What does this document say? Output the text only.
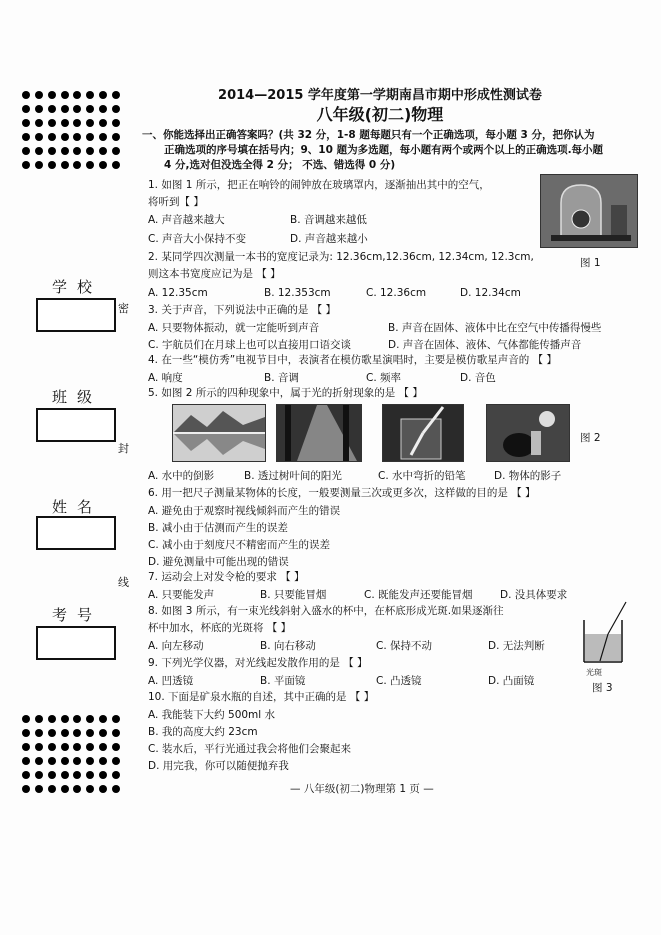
学校
班级
姓名
考号
密
封
线
2014—2015 学年度第一学期南昌市期中形成性测试卷
八年级(初二)物理
一、你能选择出正确答案吗？(共 32 分，1-8 题每题只有一个正确选项，每小题 3 分，把你认为
正确选项的序号填在括号内；9、10 题为多选题，每小题有两个或两个以上的正确选项.每小题
4 分,选对但没选全得 2 分； 不选、错选得 0 分)
1. 如图 1 所示，把正在响铃的闹钟放在玻璃罩内，逐渐抽出其中的空气，
将听到【 】
A. 声音越来越大	B. 音调越来越低
C. 声音大小保持不变	D. 声音越来越小
图 1
2. 某同学四次测量一本书的宽度记录为: 12.36cm,12.36cm, 12.34cm, 12.3cm,
则这本书宽度应记为是 【 】
A. 12.35cm	B. 12.353cm	C. 12.36cm	D. 12.34cm
3. 关于声音，下列说法中正确的是 【 】
A. 只要物体振动，就一定能听到声音	B. 声音在固体、液体中比在空气中传播得慢些
C. 宇航员们在月球上也可以直接用口语交谈	D. 声音在固体、液体、气体都能传播声音
4. 在一些“模仿秀”电视节目中，表演者在模仿歌星演唱时，主要是模仿歌星声音的 【 】
A. 响度	B. 音调	C. 频率	D. 音色
5. 如图 2 所示的四种现象中，属于光的折射现象的是 【 】
图 2
A. 水中的倒影	B. 透过树叶间的阳光	C. 水中弯折的铅笔	D. 物体的影子
6. 用一把尺子测量某物体的长度，一般要测量三次或更多次，这样做的目的是 【 】
A. 避免由于观察时视线倾斜而产生的错误
B. 减小由于估测而产生的误差
C. 减小由于刻度尺不精密而产生的误差
D. 避免测量中可能出现的错误
7. 运动会上对发令枪的要求 【 】
A. 只要能发声	B. 只要能冒烟	C. 既能发声还要能冒烟	D. 没具体要求
8. 如图 3 所示，有一束光线斜射入盛水的杯中，在杯底形成光斑.如果逐渐往
杯中加水，杯底的光斑将 【 】
A. 向左移动	B. 向右移动	C. 保持不动	D. 无法判断
光斑
图 3
9. 下列光学仪器，对光线起发散作用的是 【 】
A. 凹透镜	B. 平面镜	C. 凸透镜	D. 凸面镜
10. 下面是矿泉水瓶的自述，其中正确的是 【 】
A. 我能装下大约 500ml 水
B. 我的高度大约 23cm
C. 装水后，平行光通过我会将他们会聚起来
D. 用完我，你可以随便抛弃我
— 八年级(初二)物理第 1 页 —
